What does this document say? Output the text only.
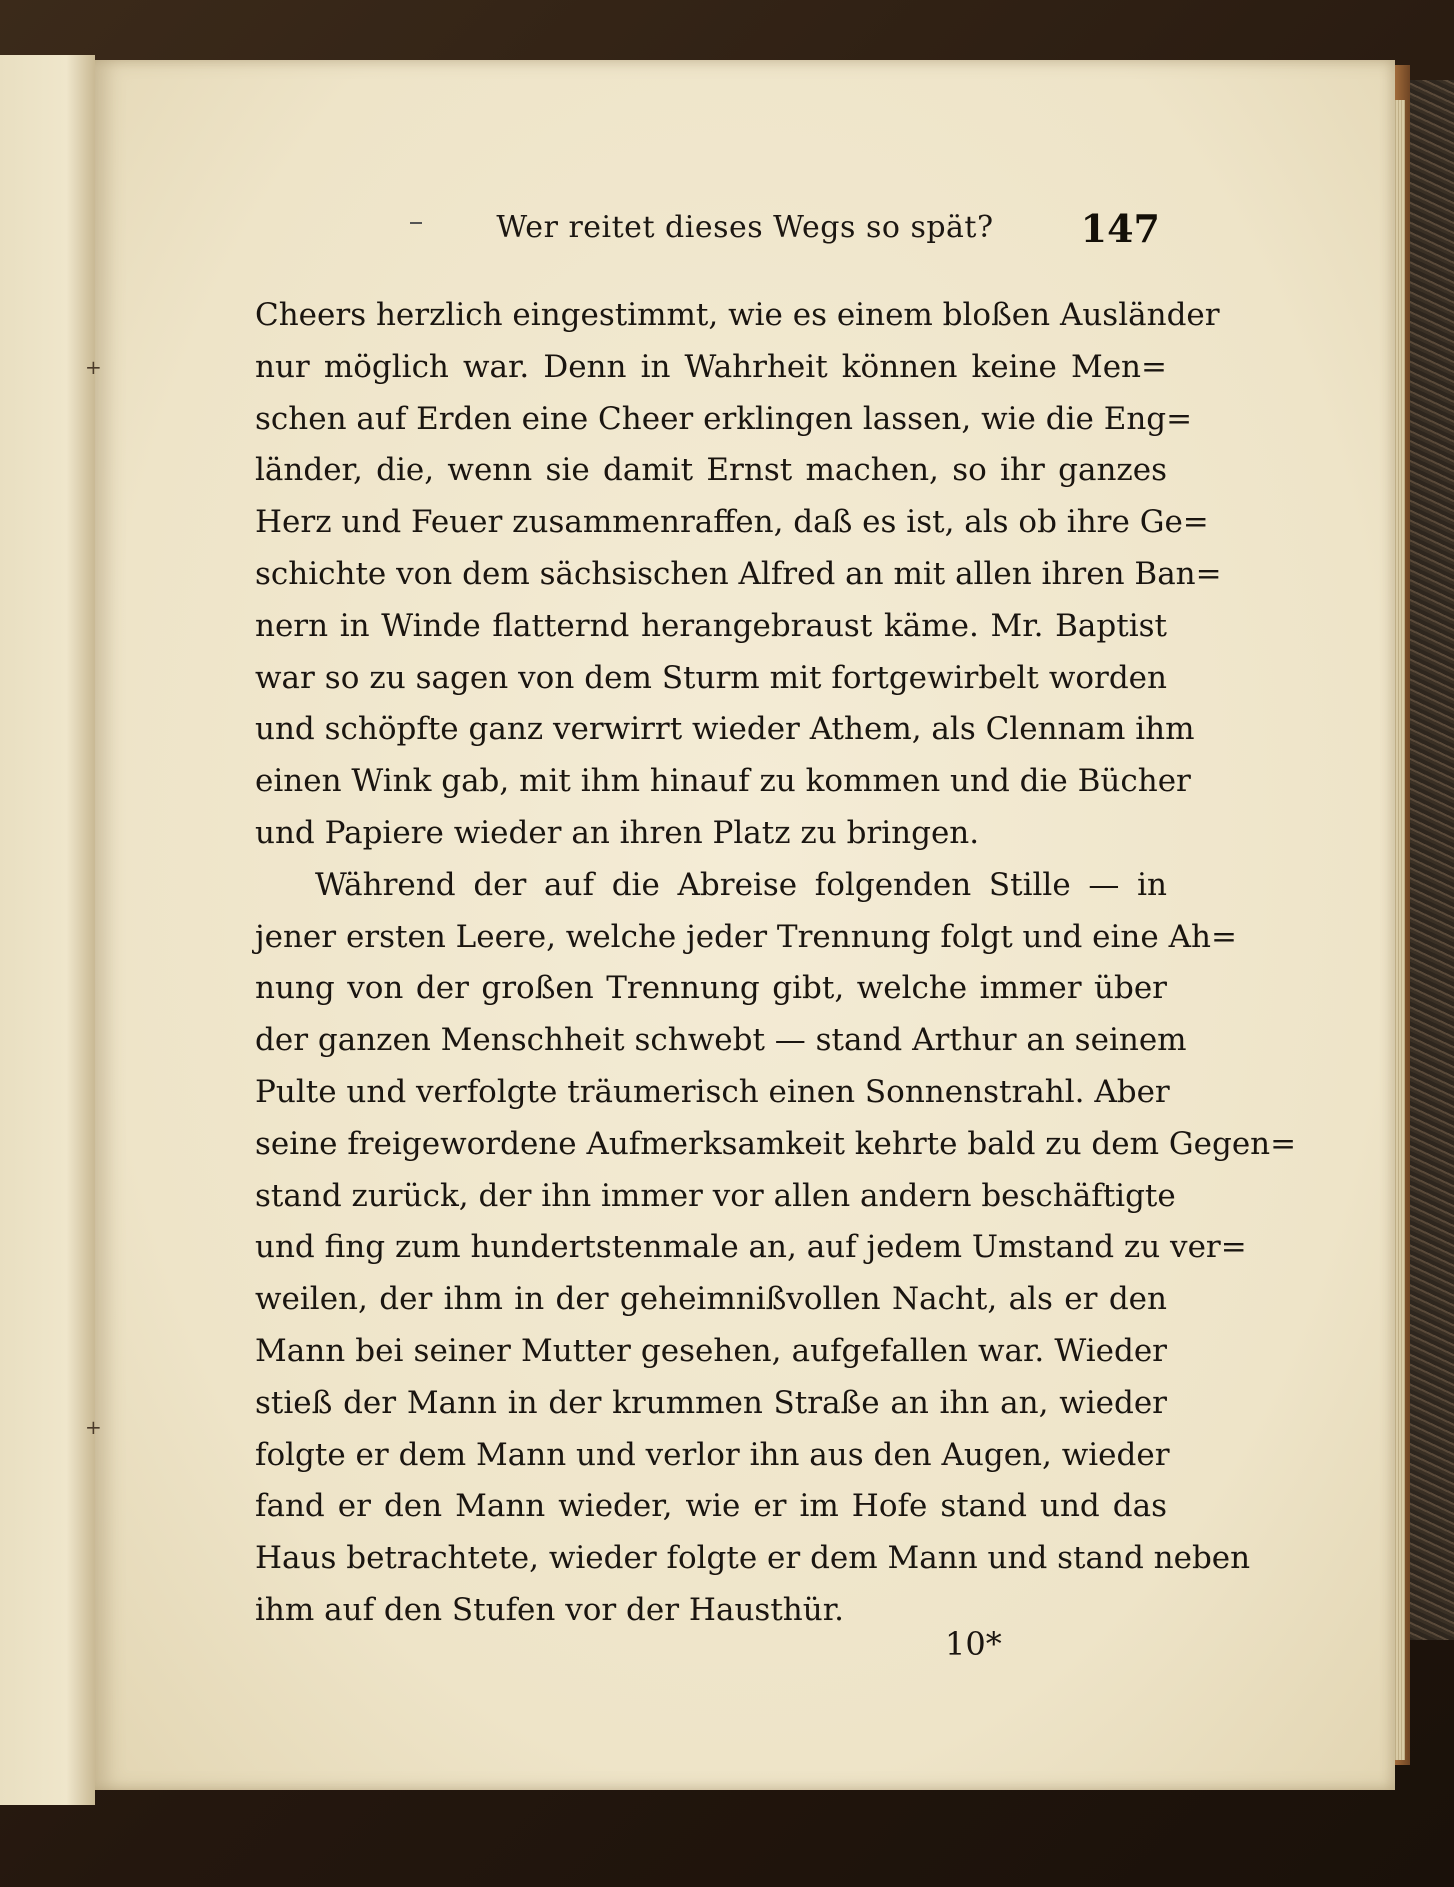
+
+
Wer reitet dieses Wegs so spät?	147
Cheers herzlich eingestimmt, wie es einem bloßen Ausländer
nur möglich war. Denn in Wahrheit können keine Men=
schen auf Erden eine Cheer erklingen lassen, wie die Eng=
länder, die, wenn sie damit Ernst machen, so ihr ganzes
Herz und Feuer zusammenraffen, daß es ist, als ob ihre Ge=
schichte von dem sächsischen Alfred an mit allen ihren Ban=
nern in Winde flatternd herangebraust käme. Mr. Baptist
war so zu sagen von dem Sturm mit fortgewirbelt worden
und schöpfte ganz verwirrt wieder Athem, als Clennam ihm
einen Wink gab, mit ihm hinauf zu kommen und die Bücher
und Papiere wieder an ihren Platz zu bringen.
Während der auf die Abreise folgenden Stille — in
jener ersten Leere, welche jeder Trennung folgt und eine Ah=
nung von der großen Trennung gibt, welche immer über
der ganzen Menschheit schwebt — stand Arthur an seinem
Pulte und verfolgte träumerisch einen Sonnenstrahl. Aber
seine freigewordene Aufmerksamkeit kehrte bald zu dem Gegen=
stand zurück, der ihn immer vor allen andern beschäftigte
und fing zum hundertstenmale an, auf jedem Umstand zu ver=
weilen, der ihm in der geheimnißvollen Nacht, als er den
Mann bei seiner Mutter gesehen, aufgefallen war. Wieder
stieß der Mann in der krummen Straße an ihn an, wieder
folgte er dem Mann und verlor ihn aus den Augen, wieder
fand er den Mann wieder, wie er im Hofe stand und das
Haus betrachtete, wieder folgte er dem Mann und stand neben
ihm auf den Stufen vor der Hausthür.
10*
